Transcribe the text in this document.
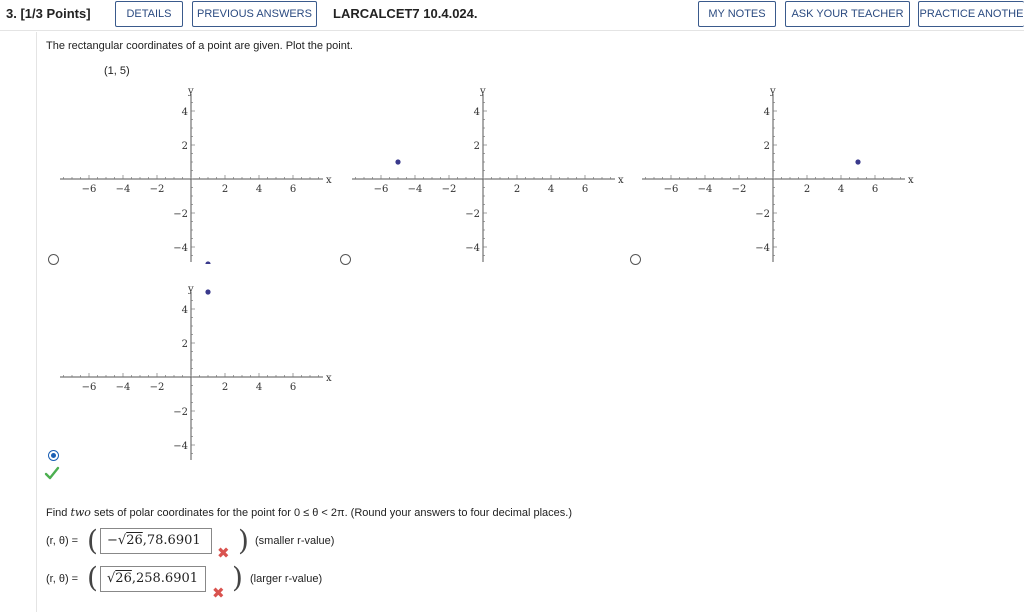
3. [1/3 Points]	DETAILS	PREVIOUS ANSWERS	LARCALCET7 10.4.024.	MY NOTES	ASK YOUR TEACHER	PRACTICE ANOTHE
The rectangular coordinates of a point are given. Plot the point.
(1, 5)
x
y
−6 −4 −2	2	4	6
4
2
−2
−4
x
y
−6 −4 −2	2	4	6
4
2
−2
−4
x
y
−6 −4 −2	2	4	6
4
2
−2
−4
x
y
−6 −4 −2	2	4	6
4
2
−2
−4
Find two sets of polar coordinates for the point for 0 ≤ θ < 2π. (Round your answers to four decimal places.)
(r, θ) = ( −√26,78.6901
✖ ) (smaller r-value)
(r, θ) = ( √26,258.6901
✖ ) (larger r-value)
